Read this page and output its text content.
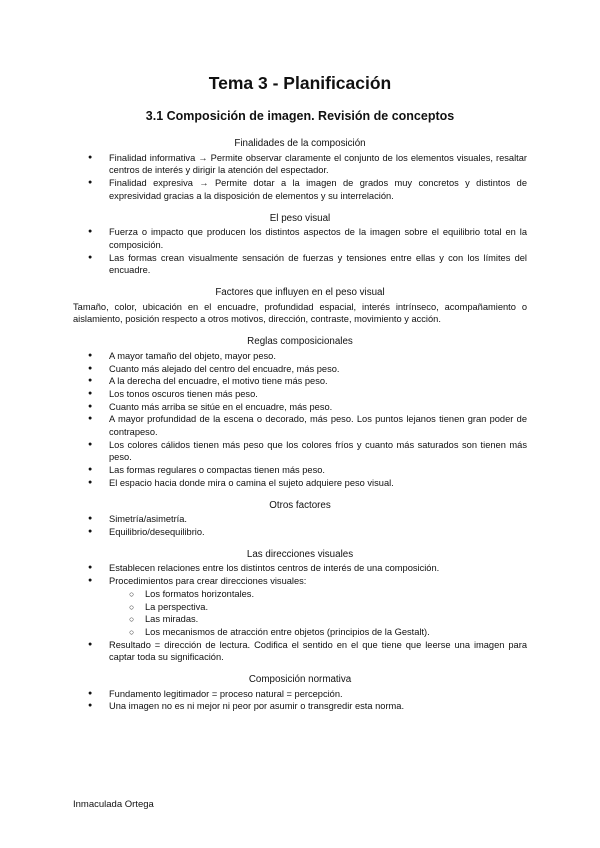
Tema 3 - Planificación
3.1 Composición de imagen. Revisión de conceptos
Finalidades de la composición
● Finalidad informativa → Permite observar claramente el conjunto de los elementos visuales, resaltar centros de interés y dirigir la atención del espectador.
● Finalidad expresiva → Permite dotar a la imagen de grados muy concretos y distintos de expresividad gracias a la disposición de elementos y su interrelación.
El peso visual
● Fuerza o impacto que producen los distintos aspectos de la imagen sobre el equilibrio total en la composición.
● Las formas crean visualmente sensación de fuerzas y tensiones entre ellas y con los límites del encuadre.
Factores que influyen en el peso visual
Tamaño, color, ubicación en el encuadre, profundidad espacial, interés intrínseco, acompañamiento o aislamiento, posición respecto a otros motivos, dirección, contraste, movimiento y acción.
Reglas composicionales
● A mayor tamaño del objeto, mayor peso.
● Cuanto más alejado del centro del encuadre, más peso.
● A la derecha del encuadre, el motivo tiene más peso.
● Los tonos oscuros tienen más peso.
● Cuanto más arriba se sitúe en el encuadre, más peso.
● A mayor profundidad de la escena o decorado, más peso. Los puntos lejanos tienen gran poder de contrapeso.
● Los colores cálidos tienen más peso que los colores fríos y cuanto más saturados son tienen más peso.
● Las formas regulares o compactas tienen más peso.
● El espacio hacia donde mira o camina el sujeto adquiere peso visual.
Otros factores
● Simetría/asimetría.
● Equilibrio/desequilibrio.
Las direcciones visuales
● Establecen relaciones entre los distintos centros de interés de una composición.
● Procedimientos para crear direcciones visuales:
○ Los formatos horizontales.
○ La perspectiva.
○ Las miradas.
○ Los mecanismos de atracción entre objetos (principios de la Gestalt).
● Resultado = dirección de lectura. Codifica el sentido en el que tiene que leerse una imagen para captar toda su significación.
Composición normativa
● Fundamento legitimador = proceso natural = percepción.
● Una imagen no es ni mejor ni peor por asumir o transgredir esta norma.
Inmaculada Ortega
